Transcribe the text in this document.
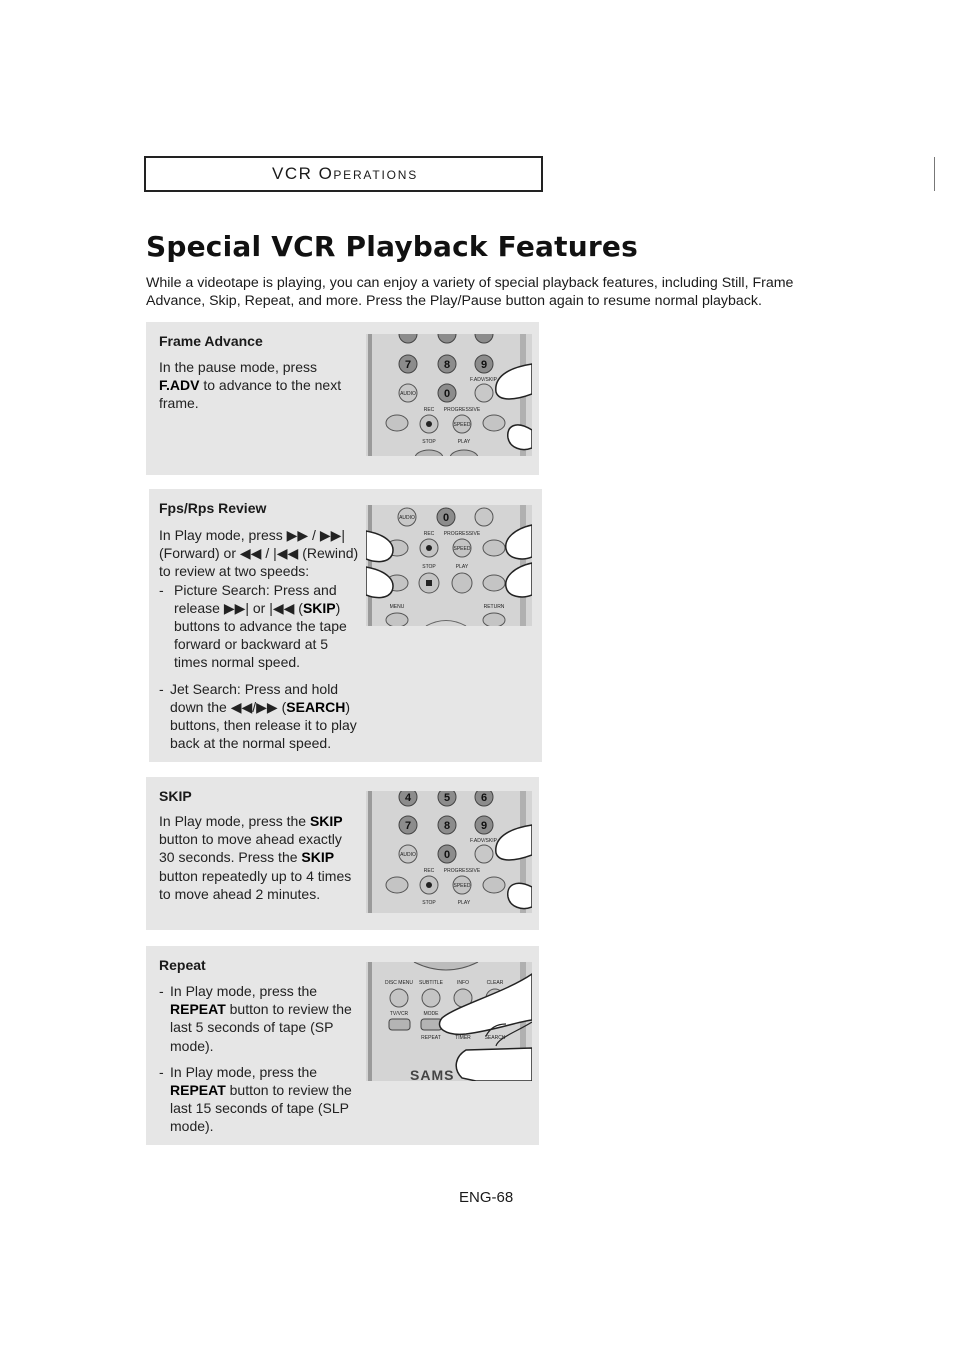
VCR OPERATIONS
Special VCR Playback Features
While a videotape is playing, you can enjoy a variety of special playback features, including Still, Frame Advance, Skip, Repeat, and more. Press the Play/Pause button again to resume normal playback.
Frame Advance
In the pause mode, press
F.ADV to advance to the next frame.
Fps/Rps Review
In Play mode, press ▶▶ / ▶▶|
(Forward) or ◀◀ / |◀◀ (Rewind)
to review at two speeds:
- Picture Search: Press and release ▶▶| or |◀◀ (SKIP) buttons to advance the tape forward or backward at 5 times normal speed.
- Jet Search: Press and hold down the ◀◀/▶▶ (SEARCH) buttons, then release it to play back at the normal speed.
SKIP
In Play mode, press the SKIP button to move ahead exactly 30 seconds. Press the SKIP button repeatedly up to 4 times to move ahead 2 minutes.
Repeat
- In Play mode, press the REPEAT button to review the last 5 seconds of tape (SP mode).
- In Play mode, press the REPEAT button to review the last 15 seconds of tape (SLP mode).
7	8	9
0
AUDIO
F.ADV/SKIP
REC PROGRESSIVE
SPEED
STOP	PLAY
AUDIO	0
REC PROGRESSIVE
SPEED
STOP	PLAY
MENU	RETURN
4	5	6
7	8	9
0
AUDIO
F.ADV/SKIP
REC PROGRESSIVE
SPEED
STOP	PLAY
DISC MENU SUBTITLE	INFO	CLEAR
TV/VCR	MODE
REPEAT	TIMER	SEARCH
SAMS
ENG-68
